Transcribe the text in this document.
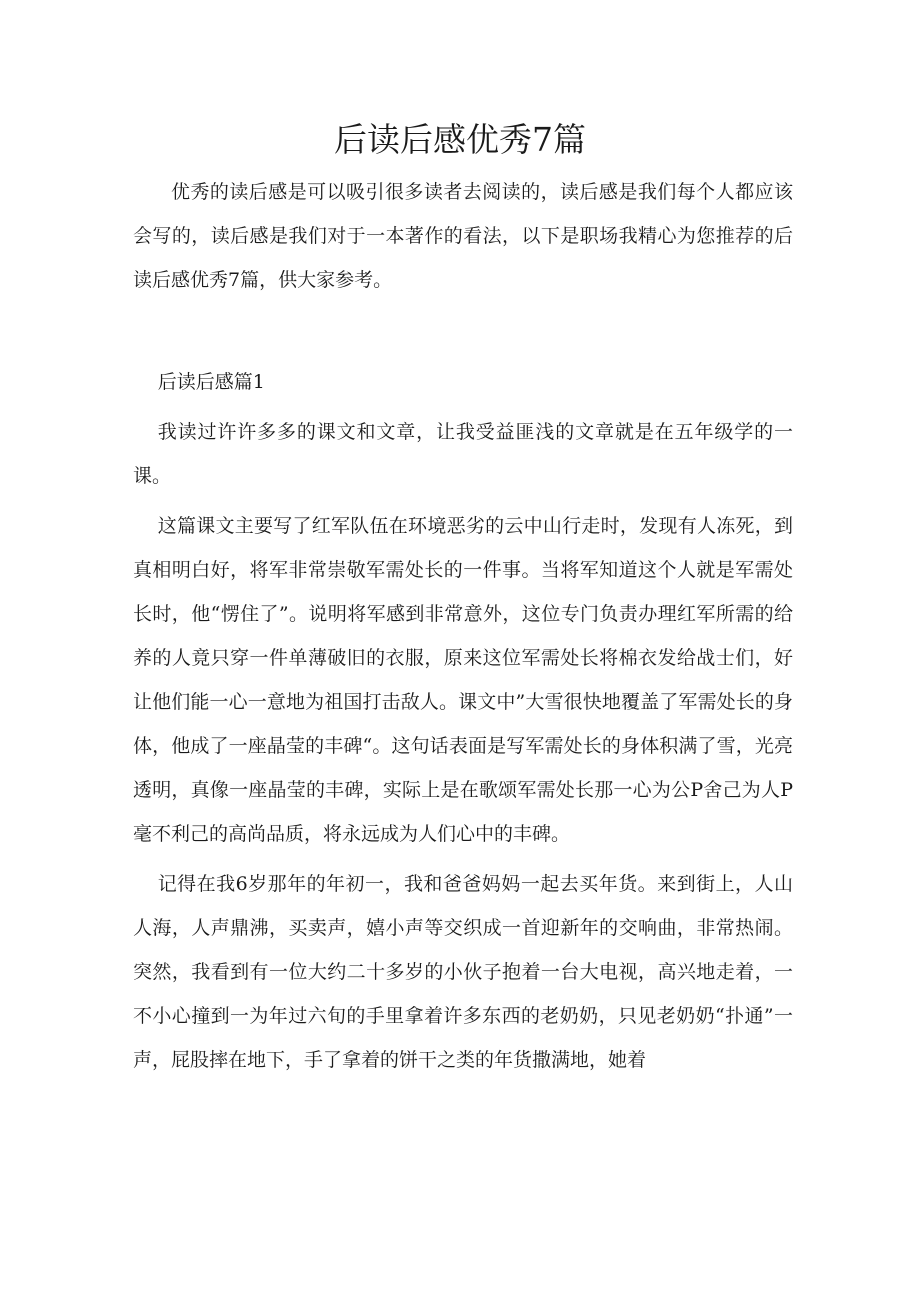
后读后感优秀7篇

优秀的读后感是可以吸引很多读者去阅读的，读后感是我们每个人都应该会写的，读后感是我们对于一本著作的看法，以下是职场我精心为您推荐的后读后感优秀7篇，供大家参考。

后读后感篇1

我读过许许多多的课文和文章，让我受益匪浅的文章就是在五年级学的一课。

这篇课文主要写了红军队伍在环境恶劣的云中山行走时，发现有人冻死，到真相明白好，将军非常崇敬军需处长的一件事。当将军知道这个人就是军需处长时，他“愣住了”。说明将军感到非常意外，这位专门负责办理红军所需的给养的人竟只穿一件单薄破旧的衣服，原来这位军需处长将棉衣发给战士们，好让他们能一心一意地为祖国打击敌人。课文中”大雪很快地覆盖了军需处长的身体，他成了一座晶莹的丰碑“。这句话表面是写军需处长的身体积满了雪，光亮透明，真像一座晶莹的丰碑，实际上是在歌颂军需处长那一心为公P舍己为人P毫不利己的高尚品质，将永远成为人们心中的丰碑。

记得在我6岁那年的年初一，我和爸爸妈妈一起去买年货。来到街上，人山人海，人声鼎沸，买卖声，嬉小声等交织成一首迎新年的交响曲，非常热闹。突然，我看到有一位大约二十多岁的小伙子抱着一台大电视，高兴地走着，一不小心撞到一为年过六旬的手里拿着许多东西的老奶奶，只见老奶奶“扑通”一声，屁股摔在地下，手了拿着的饼干之类的年货撒满地，她着
